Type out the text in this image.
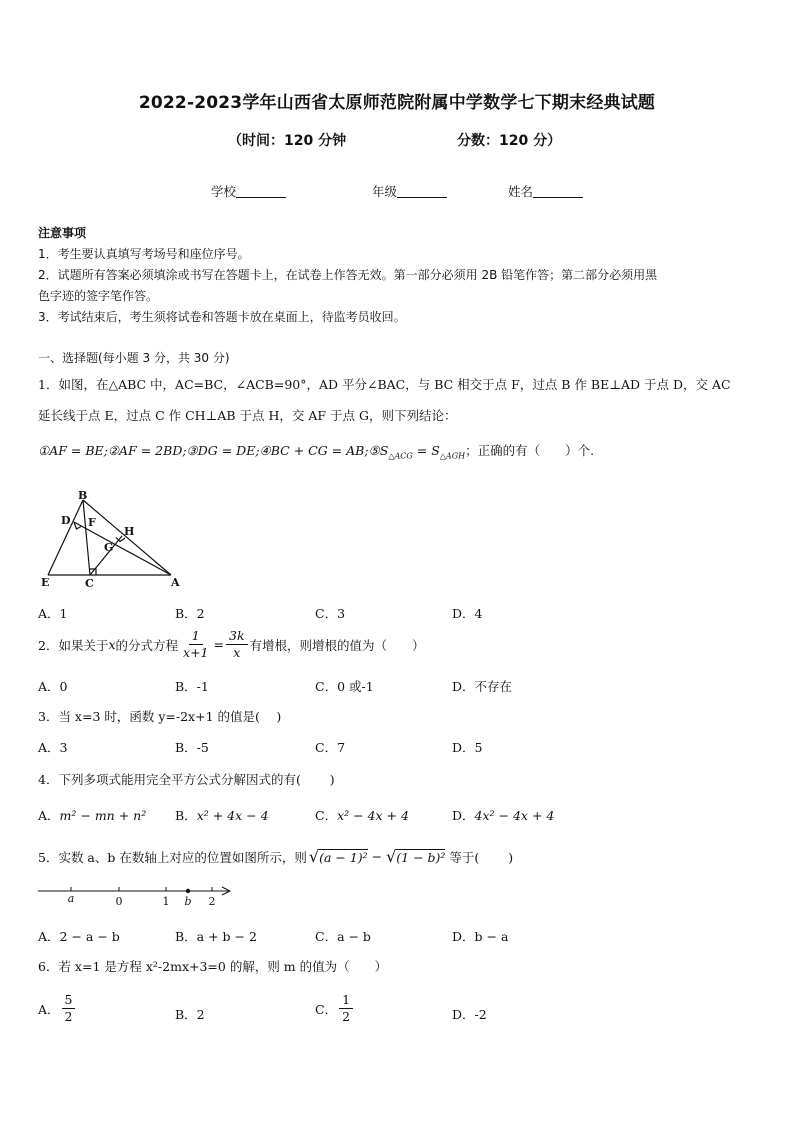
2022-2023学年山西省太原师范院附属中学数学七下期末经典试题
（时间：120 分钟	分数：120 分）
学校	年级	姓名
注意事项
1．考生要认真填写考场号和座位序号。
2．试题所有答案必须填涂或书写在答题卡上，在试卷上作答无效。第一部分必须用 2B 铅笔作答；第二部分必须用黑
色字迹的签字笔作答。
3．考试结束后，考生须将试卷和答题卡放在桌面上，待监考员收回。
一、选择题(每小题 3 分，共 30 分)
1．如图，在△ABC 中，AC=BC，∠ACB=90°，AD 平分∠BAC，与 BC 相交于点 F，过点 B 作 BE⊥AD 于点 D，交 AC
延长线于点 E，过点 C 作 CH⊥AB 于点 H，交 AF 于点 G，则下列结论：
①AF = BE;②AF = 2BD;③DG = DE;④BC + CG = $AB;⑤S_{\triangle ACG} = S_{\triangle AGH}$；正确的有（　　）个.
B
D F
H
G
E	C	A
A．1	B．2	C．3	D．4
2．如果关于 x 的分式方程 $\frac{1}{x+1} = \frac{3k}{x}$ 有增根，则增根的值为（　　）
A．0	B．-1	C．0 或-1	D．不存在
3．当 x=3 时，函数 y=-2x+1 的值是(　 )
A．3	B．-5	C．7	D．5
4．下列多项式能用完全平方公式分解因式的有(　　 )
A．m² − mn + n² B．x² + 4x − 4	C．x² − 4x + 4	D．4x² − 4x + 4
5．实数 a、b 在数轴上对应的位置如图所示，则 √ (a − 1)² − √ (1 − b)² 等于(　　 )
a	0	1 b 2
A．2 − a − b	B．a + b − 2	C．a − b	D．b − a
6．若 x=1 是方程 x²-2mx+3=0 的解，则 m 的值为（　　）
A． $\frac{5}{2}$	B．2	C． $\frac{1}{2}$	D．-2
